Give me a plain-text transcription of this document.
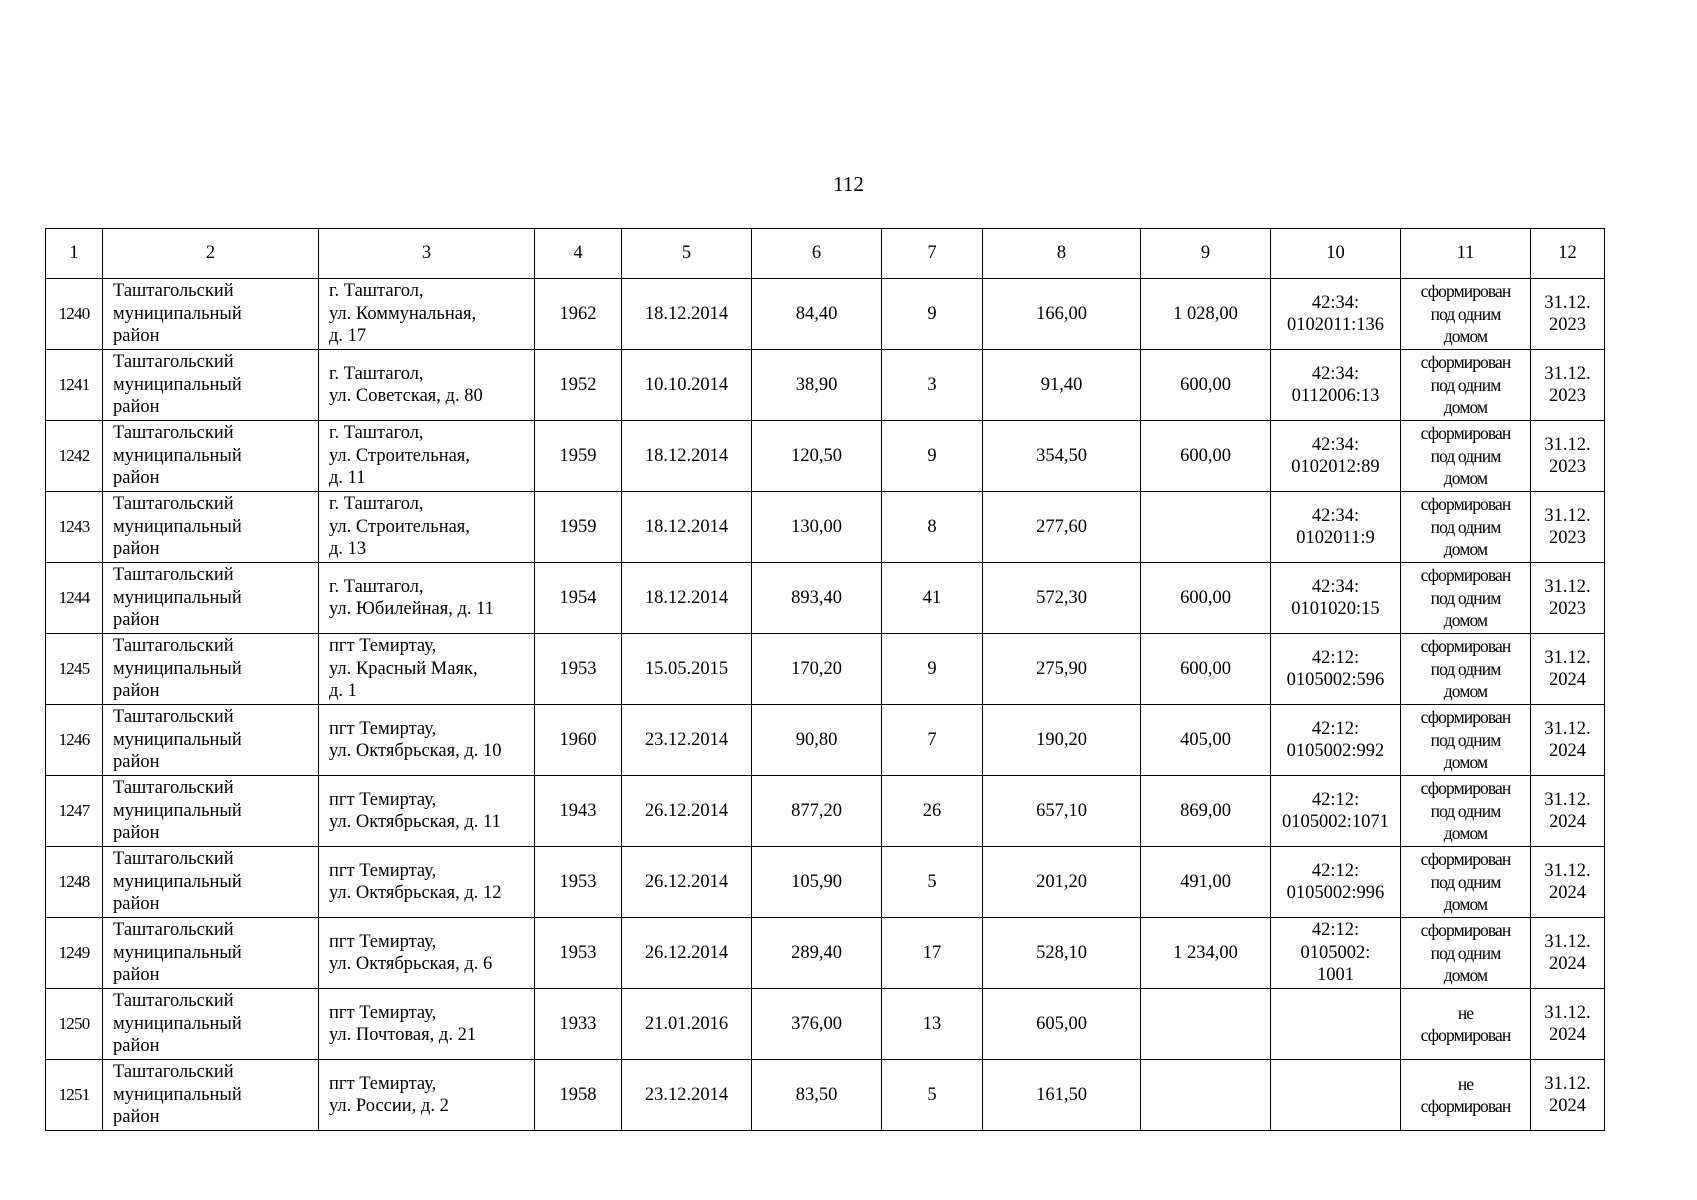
112
1	2	3	4	5	6	7	8	9	10	11	12
1240	Таштагольский
муниципальный
район	г. Таштагол,
ул. Коммунальная,
д. 17	1962	18.12.2014	84,40	9	166,00	1 028,00	42:34:
0102011:136	сформирован
под одним
домом	31.12.
2023

1241	Таштагольский
муниципальный
район	г. Таштагол,
ул. Советская, д. 80	1952	10.10.2014	38,90	3	91,40	600,00	42:34:
0112006:13	сформирован
под одним
домом	31.12.
2023

1242	Таштагольский
муниципальный
район	г. Таштагол,
ул. Строительная,
д. 11	1959	18.12.2014	120,50	9	354,50	600,00	42:34:
0102012:89	сформирован
под одним
домом	31.12.
2023

1243	Таштагольский
муниципальный
район	г. Таштагол,
ул. Строительная,
д. 13	1959	18.12.2014	130,00	8	277,60		42:34:
0102011:9	сформирован
под одним
домом	31.12.
2023

1244	Таштагольский
муниципальный
район	г. Таштагол,
ул. Юбилейная, д. 11	1954	18.12.2014	893,40	41	572,30	600,00	42:34:
0101020:15	сформирован
под одним
домом	31.12.
2023

1245	Таштагольский
муниципальный
район	пгт Темиртау,
ул. Красный Маяк,
д. 1	1953	15.05.2015	170,20	9	275,90	600,00	42:12:
0105002:596	сформирован
под одним
домом	31.12.
2024

1246	Таштагольский
муниципальный
район	пгт Темиртау,
ул. Октябрьская, д. 10	1960	23.12.2014	90,80	7	190,20	405,00	42:12:
0105002:992	сформирован
под одним
домом	31.12.
2024

1247	Таштагольский
муниципальный
район	пгт Темиртау,
ул. Октябрьская, д. 11	1943	26.12.2014	877,20	26	657,10	869,00	42:12:
0105002:1071	сформирован
под одним
домом	31.12.
2024

1248	Таштагольский
муниципальный
район	пгт Темиртау,
ул. Октябрьская, д. 12	1953	26.12.2014	105,90	5	201,20	491,00	42:12:
0105002:996	сформирован
под одним
домом	31.12.
2024

1249	Таштагольский
муниципальный
район	пгт Темиртау,
ул. Октябрьская, д. 6	1953	26.12.2014	289,40	17	528,10	1 234,00	42:12:
0105002:
1001	сформирован
под одним
домом	31.12.
2024

1250	Таштагольский
муниципальный
район	пгт Темиртау,
ул. Почтовая, д. 21	1933	21.01.2016	376,00	13	605,00			не
сформирован	31.12.
2024

1251	Таштагольский
муниципальный
район	пгт Темиртау,
ул. России, д. 2	1958	23.12.2014	83,50	5	161,50			не
сформирован	31.12.
2024
